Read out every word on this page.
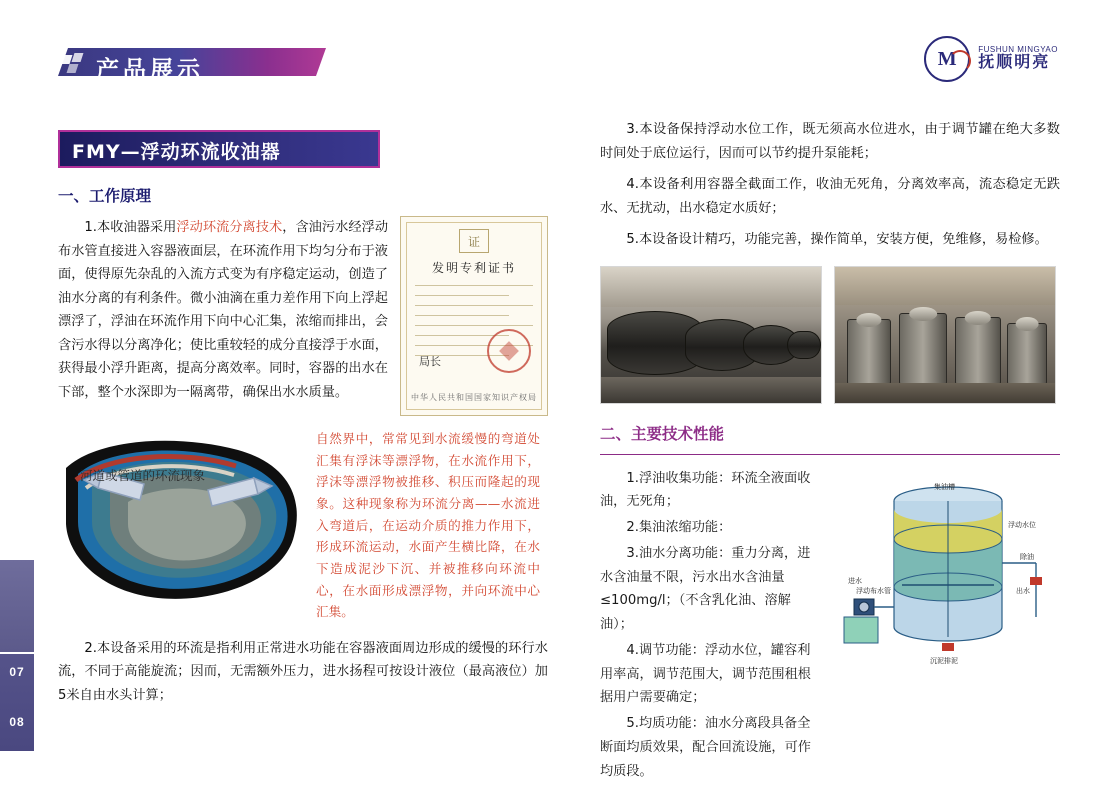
07
08
产品展示	M	FUSHUN MINGYAO
抚顺明亮
FMY—浮动环流收油器
一、工作原理
证
发明专利证书
局长
中华人民共和国国家知识产权局

1.本收油器采用浮动环流分离技术，含油污水经浮动布水管直接进入容器液面层，在环流作用下均匀分布于液面，使得原先杂乱的入流方式变为有序稳定运动，创造了油水分离的有利条件。微小油滴在重力差作用下向上浮起漂浮了，浮油在环流作用下向中心汇集，浓缩而排出，会含污水得以分离净化；使比重较轻的成分直接浮于水面，获得最小浮升距离，提高分离效率。同时，容器的出水在下部，整个水深即为一隔离带，确保出水水质量。

河道或管道的环流现象
自然界中，常常见到水流缓慢的弯道处汇集有浮沫等漂浮物，在水流作用下，浮沫等漂浮物被推移、积压而隆起的现象。这种现象称为环流分离——水流进入弯道后，在运动介质的推力作用下，形成环流运动，水面产生横比降，在水下造成泥沙下沉、并被推移向环流中心，在水面形成漂浮物，并向环流中心汇集。

2.本设备采用的环流是指利用正常进水功能在容器液面周边形成的缓慢的环行水流，不同于高能旋流；因而，无需额外压力，进水扬程可按设计液位（最高液位）加5米自由水头计算；

3.本设备保持浮动水位工作，既无须高水位进水，由于调节罐在绝大多数时间处于底位运行，因而可以节约提升泵能耗；

4.本设备利用容器全截面工作，收油无死角，分离效率高，流态稳定无跌水、无扰动，出水稳定水质好；

5.本设备设计精巧，功能完善，操作简单，安装方便，免维修，易检修。

二、主要技术性能
集油槽
浮动布水管
进水
浮动水位
除油
出水
沉泥排泥

1.浮油收集功能：环流全液面收油，无死角；

2.集油浓缩功能：

3.油水分离功能：重力分离，进水含油量不限，污水出水含油量≤100mg/l；（不含乳化油、溶解油）；

4.调节功能：浮动水位，罐容利用率高，调节范围大，调节范围租根据用户需要确定；

5.均质功能：油水分离段具备全断面均质效果，配合回流设施，可作均质段。
